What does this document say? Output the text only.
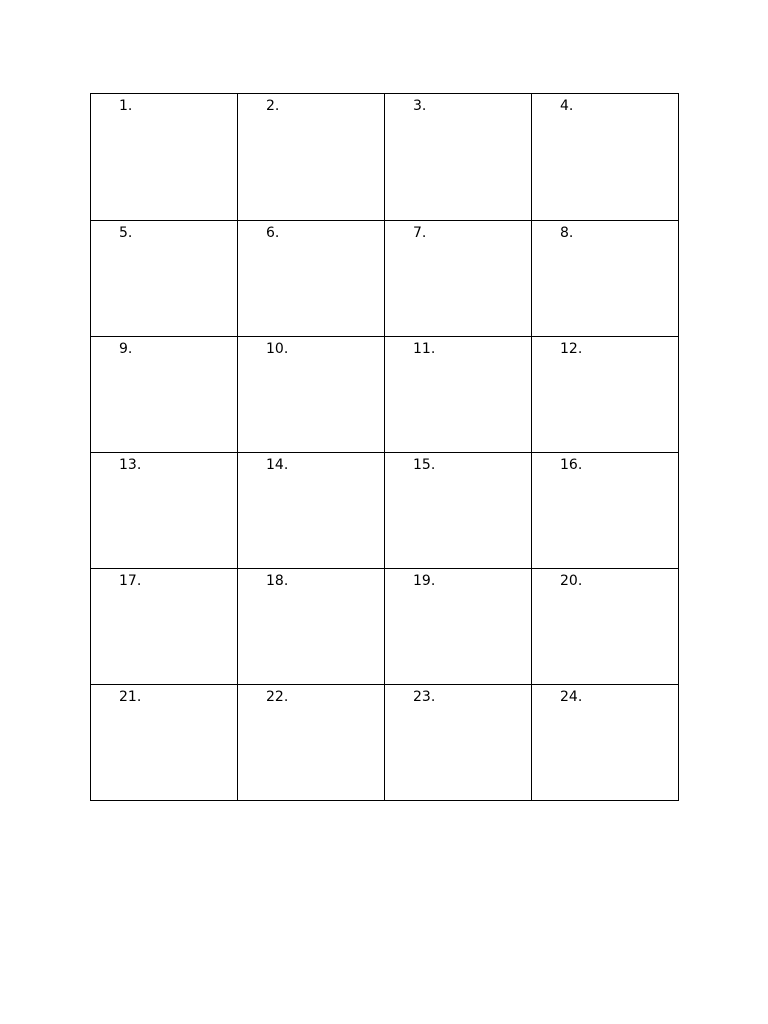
1.	2.	3.	4.

5.	6.	7.	8.

9.	10.	11.	12.

13.	14.	15.	16.

17.	18.	19.	20.

21.	22.	23.	24.
